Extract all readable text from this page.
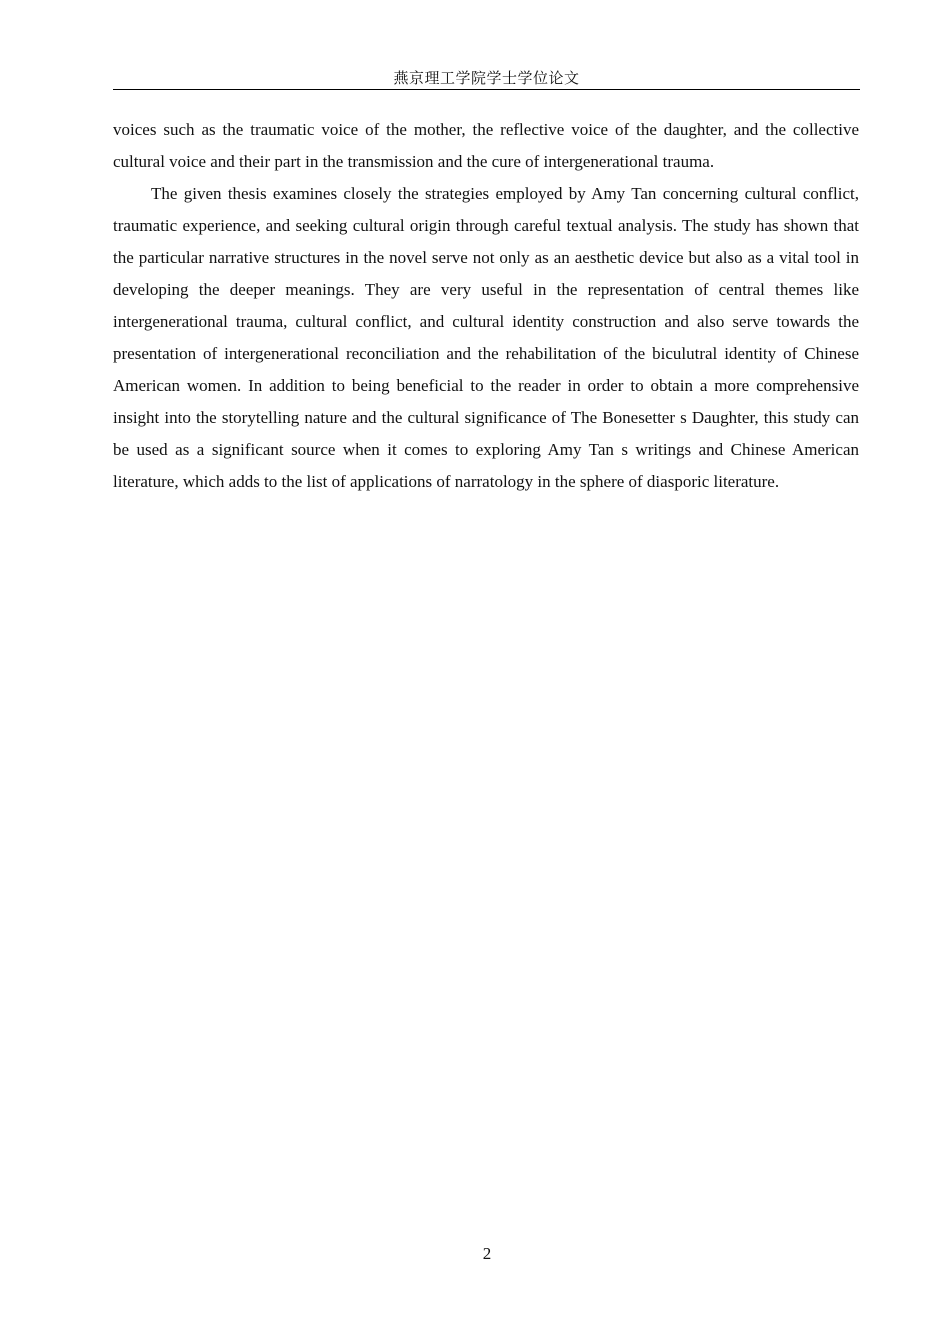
燕京理工学院学士学位论文

voices such as the traumatic voice of the mother, the reflective voice of the daughter, and the collective cultural voice and their part in the transmission and the cure of intergenerational trauma.

The given thesis examines closely the strategies employed by Amy Tan concerning cultural conflict, traumatic experience, and seeking cultural origin through careful textual analysis. The study has shown that the particular narrative structures in the novel serve not only as an aesthetic device but also as a vital tool in developing the deeper meanings. They are very useful in the representation of central themes like intergenerational trauma, cultural conflict, and cultural identity construction and also serve towards the presentation of intergenerational reconciliation and the rehabilitation of the biculutral identity of Chinese American women. In addition to being beneficial to the reader in order to obtain a more comprehensive insight into the storytelling nature and the cultural significance of The Bonesetter s Daughter, this study can be used as a significant source when it comes to exploring Amy Tan s writings and Chinese American literature, which adds to the list of applications of narratology in the sphere of diasporic literature.

2
